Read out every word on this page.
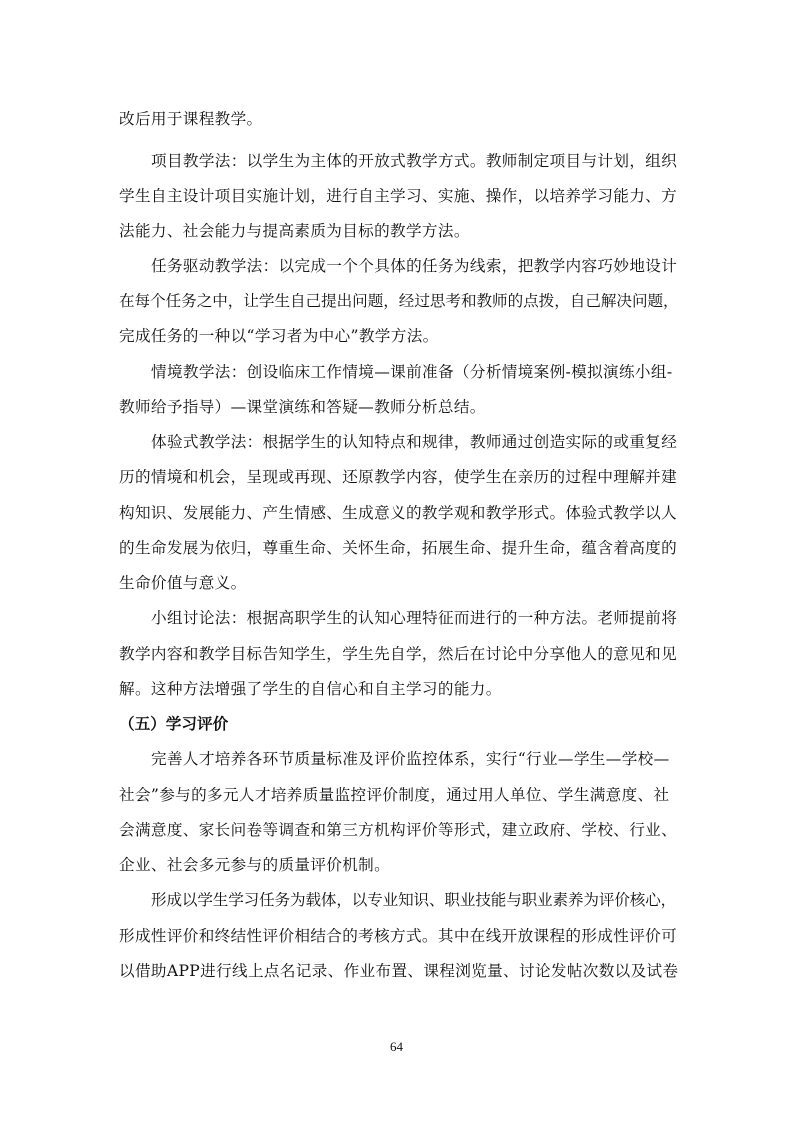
改后用于课程教学。
项目教学法：以学生为主体的开放式教学方式。教师制定项目与计划，组织
学生自主设计项目实施计划，进行自主学习、实施、操作，以培养学习能力、方
法能力、社会能力与提高素质为目标的教学方法。
任务驱动教学法：以完成一个个具体的任务为线索，把教学内容巧妙地设计
在每个任务之中，让学生自己提出问题，经过思考和教师的点拨，自己解决问题，
完成任务的一种以“学习者为中心”教学方法。
情境教学法：创设临床工作情境—课前准备（分析情境案例-模拟演练小组-
教师给予指导）—课堂演练和答疑—教师分析总结。
体验式教学法：根据学生的认知特点和规律，教师通过创造实际的或重复经
历的情境和机会，呈现或再现、还原教学内容，使学生在亲历的过程中理解并建
构知识、发展能力、产生情感、生成意义的教学观和教学形式。体验式教学以人
的生命发展为依归，尊重生命、关怀生命，拓展生命、提升生命，蕴含着高度的
生命价值与意义。
小组讨论法：根据高职学生的认知心理特征而进行的一种方法。老师提前将
教学内容和教学目标告知学生，学生先自学，然后在讨论中分享他人的意见和见
解。这种方法增强了学生的自信心和自主学习的能力。
（五）学习评价
完善人才培养各环节质量标准及评价监控体系，实行“行业—学生—学校—
社会”参与的多元人才培养质量监控评价制度，通过用人单位、学生满意度、社
会满意度、家长问卷等调查和第三方机构评价等形式，建立政府、学校、行业、
企业、社会多元参与的质量评价机制。
形成以学生学习任务为载体，以专业知识、职业技能与职业素养为评价核心，
形成性评价和终结性评价相结合的考核方式。其中在线开放课程的形成性评价可
以借助APP进行线上点名记录、作业布置、课程浏览量、讨论发帖次数以及试卷
64
